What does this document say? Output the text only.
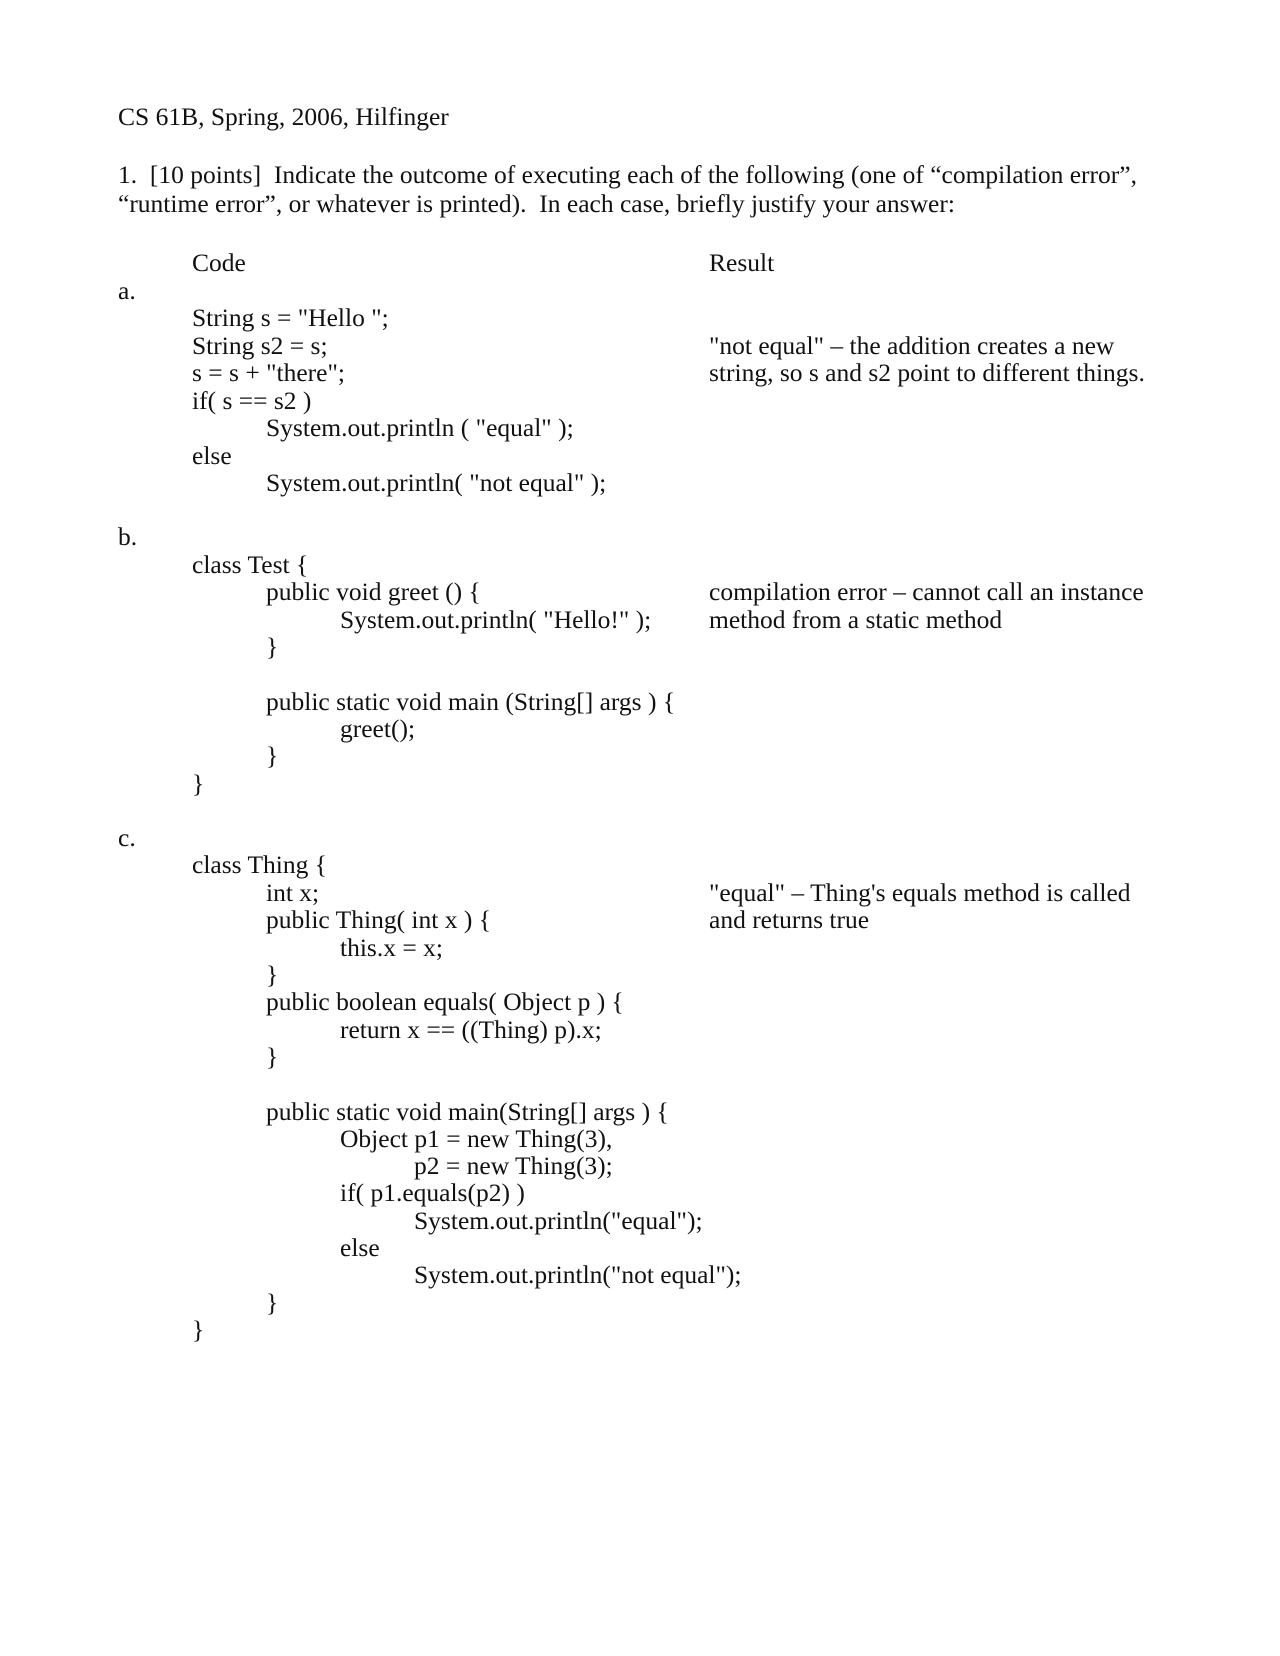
CS 61B, Spring, 2006, Hilfinger
1.  [10 points]  Indicate the outcome of executing each of the following (one of “compilation error”,
“runtime error”, or whatever is printed).  In each case, briefly justify your answer:
Code	Result
a.
String s = "Hello ";
String s2 = s;
s = s + "there";
if( s == s2 )
System.out.println ( "equal" );
else
System.out.println( "not equal" );
"not equal" – the addition creates a new
string, so s and s2 point to different things.
b.
class Test {
public void greet () {
System.out.println( "Hello!" );
}
public static void main (String[] args ) {
greet();
}
}
compilation error – cannot call an instance
method from a static method
c.
class Thing {
int x;
public Thing( int x ) {
this.x = x;
}
public boolean equals( Object p ) {
return x == ((Thing) p).x;
}
public static void main(String[] args ) {
Object p1 = new Thing(3),
p2 = new Thing(3);
if( p1.equals(p2) )
System.out.println("equal");
else
System.out.println("not equal");
}
}
"equal" – Thing's equals method is called
and returns true
